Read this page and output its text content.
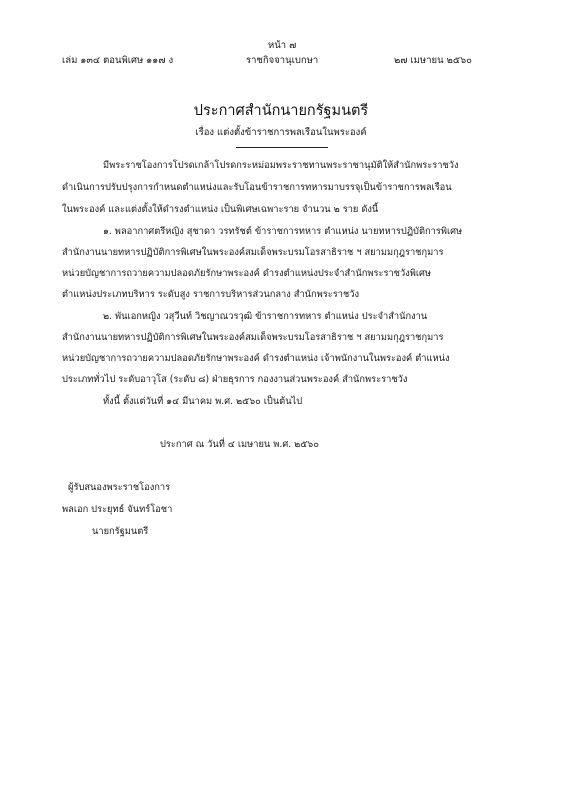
หน้า ๗
เล่ม ๑๓๔ ตอนพิเศษ ๑๑๗ ง	ราชกิจจานุเบกษา	๒๗ เมษายน ๒๕๖๐
ประกาศสำนักนายกรัฐมนตรี
เรื่อง แต่งตั้งข้าราชการพลเรือนในพระองค์
มีพระราชโองการโปรดเกล้าโปรดกระหม่อมพระราชทานพระราชานุมัติให้สำนักพระราชวัง
ดำเนินการปรับปรุงการกำหนดตำแหน่งและรับโอนข้าราชการทหารมาบรรจุเป็นข้าราชการพลเรือน
ในพระองค์ และแต่งตั้งให้ดำรงตำแหน่ง เป็นพิเศษเฉพาะราย จำนวน ๒ ราย ดังนี้
๑. พลอากาศตรีหญิง สุชาดา วรทรัชต์ ข้าราชการทหาร ตำแหน่ง นายทหารปฏิบัติการพิเศษ
สำนักงานนายทหารปฏิบัติการพิเศษในพระองค์สมเด็จพระบรมโอรสาธิราช ฯ สยามมกุฎราชกุมาร
หน่วยบัญชาการถวายความปลอดภัยรักษาพระองค์ ดำรงตำแหน่งประจำสำนักพระราชวังพิเศษ
ตำแหน่งประเภทบริหาร ระดับสูง ราชการบริหารส่วนกลาง สำนักพระราชวัง
๒. พันเอกหญิง วสุวีนท์ วิชญาณวรวุฒิ ข้าราชการทหาร ตำแหน่ง ประจำสำนักงาน
สำนักงานนายทหารปฏิบัติการพิเศษในพระองค์สมเด็จพระบรมโอรสาธิราช ฯ สยามมกุฎราชกุมาร
หน่วยบัญชาการถวายความปลอดภัยรักษาพระองค์ ดำรงตำแหน่ง เจ้าพนักงานในพระองค์ ตำแหน่ง
ประเภททั่วไป ระดับอาวุโส (ระดับ ๘) ฝ่ายธุรการ กองงานส่วนพระองค์ สำนักพระราชวัง
ทั้งนี้ ตั้งแต่วันที่ ๑๔ มีนาคม พ.ศ. ๒๕๖๐ เป็นต้นไป
ประกาศ ณ วันที่ ๔ เมษายน พ.ศ. ๒๕๖๐
ผู้รับสนองพระราชโองการ
พลเอก ประยุทธ์ จันทร์โอชา
นายกรัฐมนตรี
